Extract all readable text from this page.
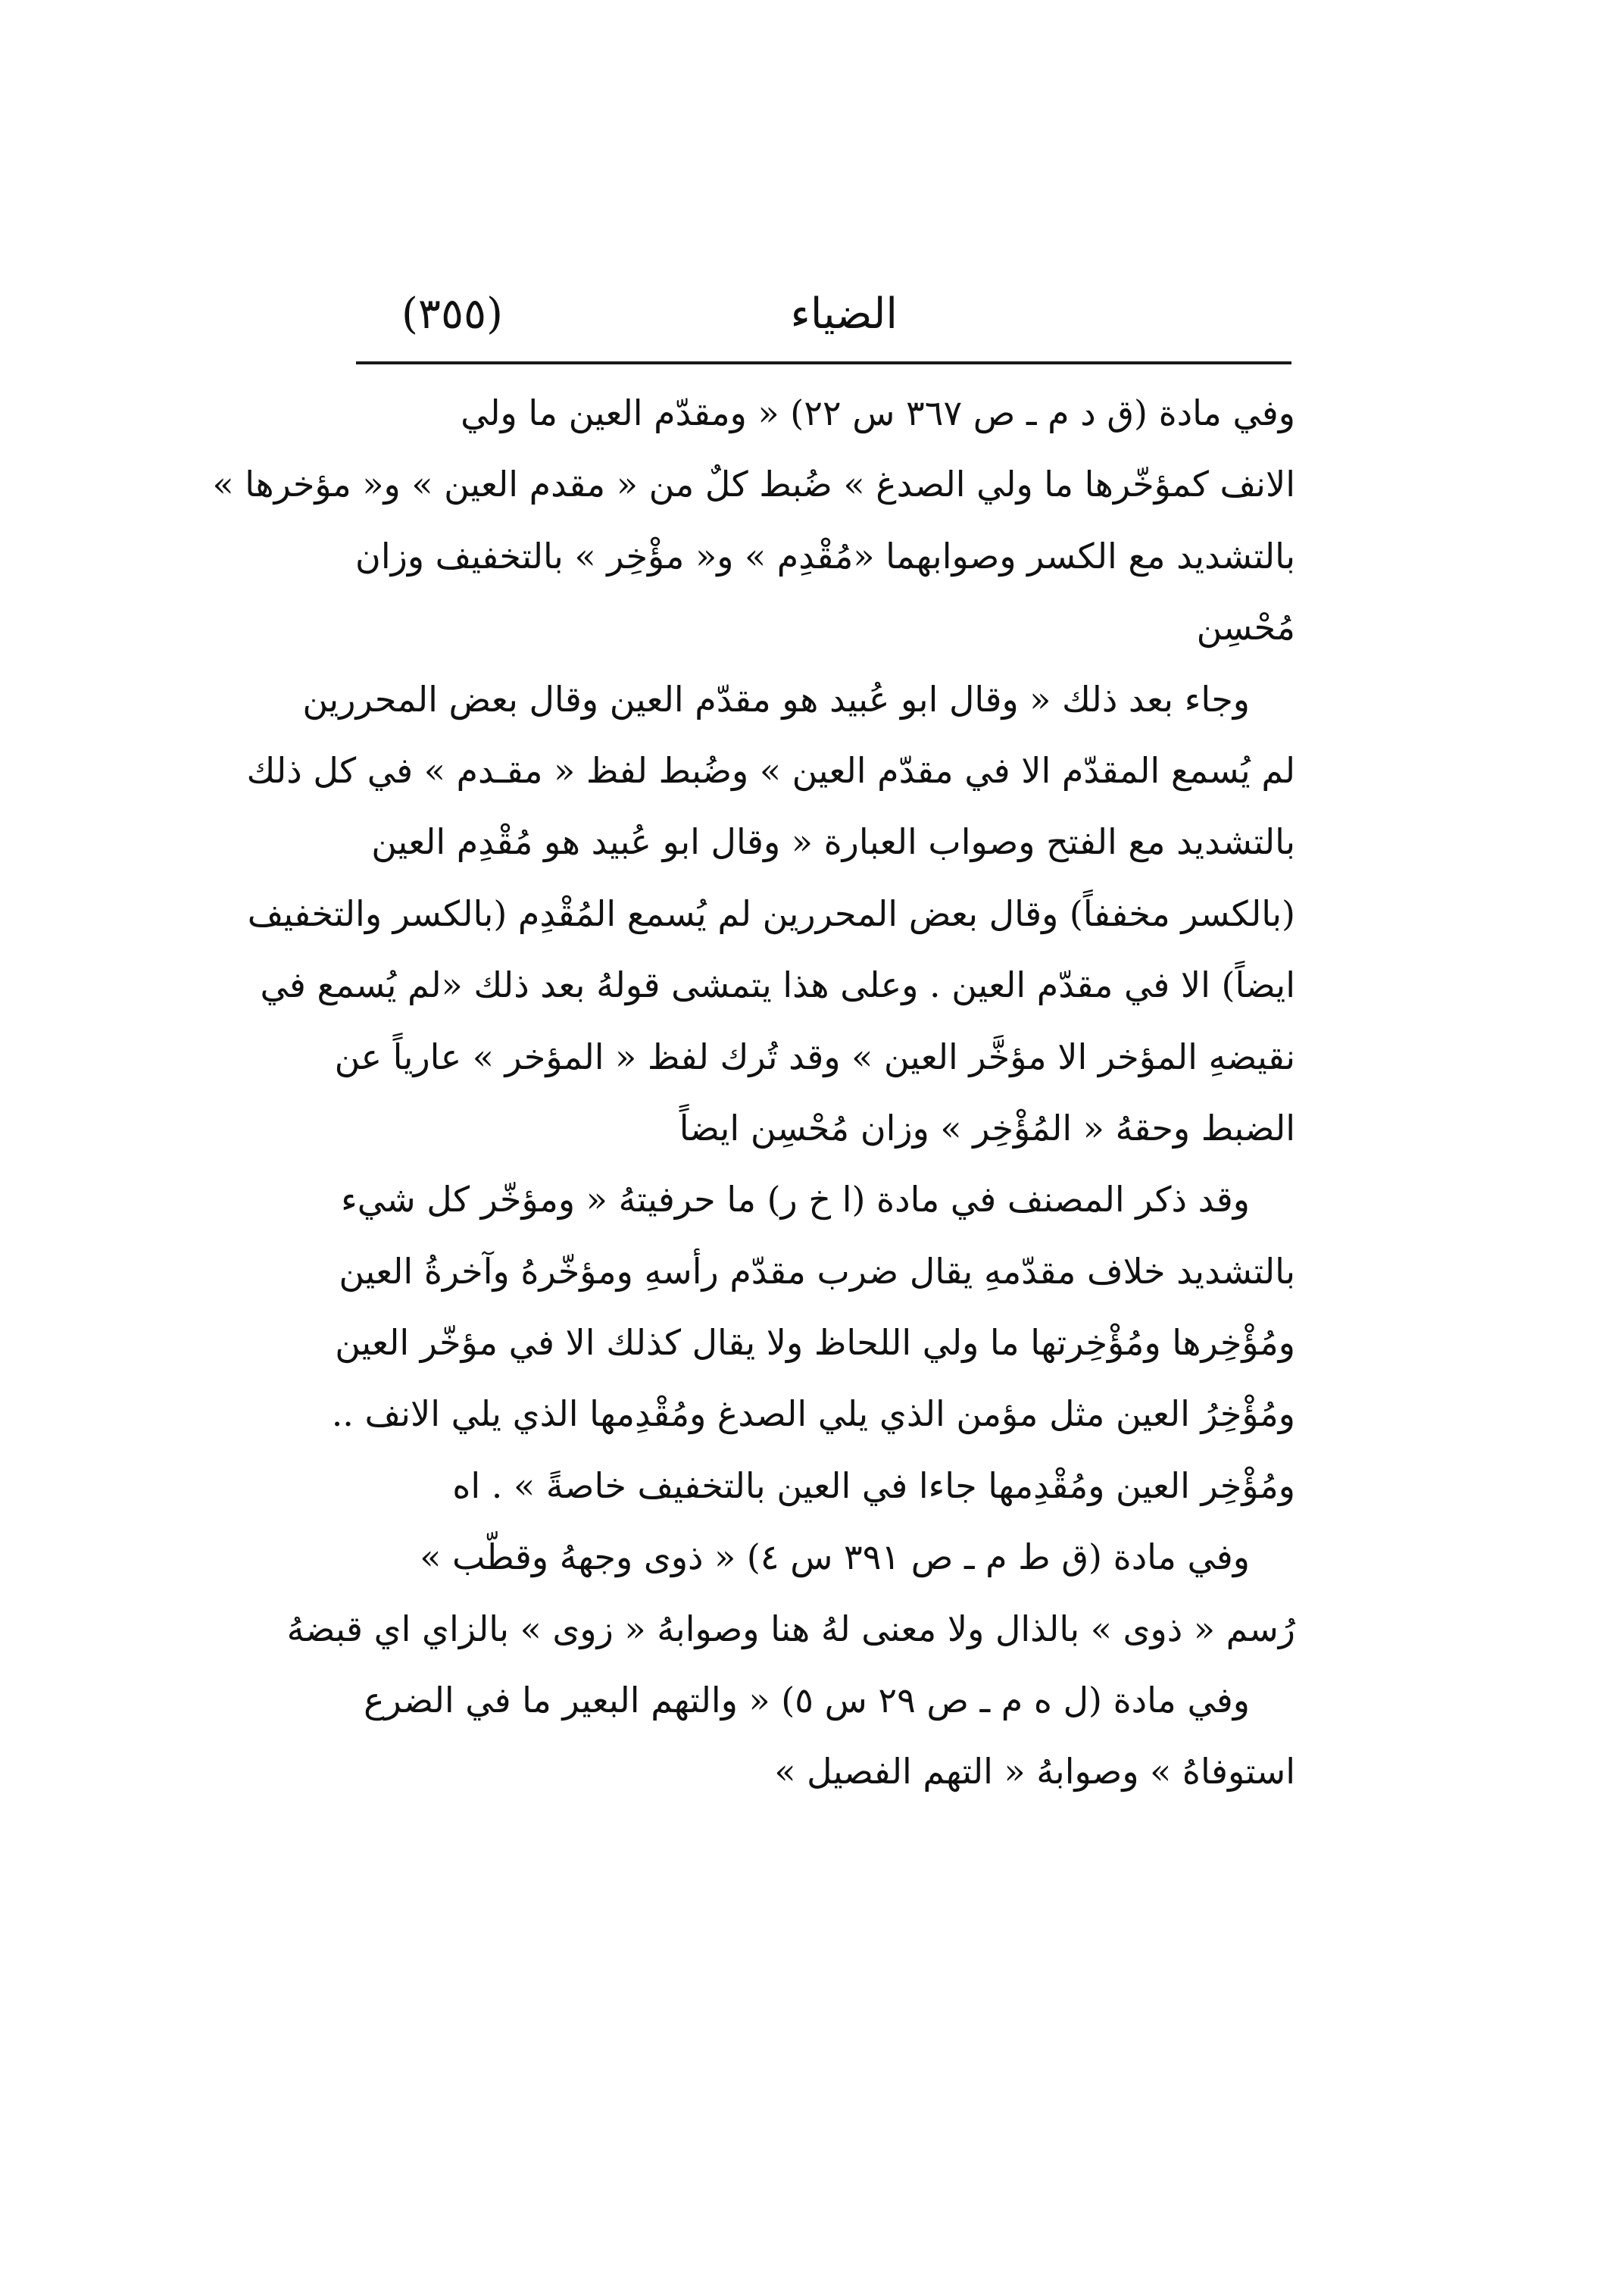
الضياء
(٣٥٥)
وفي مادة (ق د م ـ ص ٣٦٧ س ٢٢) « ومقدّم العين ما ولي
الانف كمؤخّرها ما ولي الصدغ » ضُبط كلٌ من « مقدم العين » و« مؤخرها »
بالتشديد مع الكسر وصوابهما «مُقْدِم » و« مؤْخِر » بالتخفيف وزان
مُحْسِن
وجاء بعد ذلك « وقال ابو عُبيد هو مقدّم العين وقال بعض المحررين
لم يُسمع المقدّم الا في مقدّم العين » وضُبط لفظ « مقـدم » في كل ذلك
بالتشديد مع الفتح وصواب العبارة « وقال ابو عُبيد هو مُقْدِم العين
(بالكسر مخففاً) وقال بعض المحررين لم يُسمع المُقْدِم (بالكسر والتخفيف
ايضاً) الا في مقدّم العين . وعلى هذا يتمشى قولهُ بعد ذلك «لم يُسمع في
نقيضهِ المؤخر الا مؤخَّر العين » وقد تُرك لفظ « المؤخر » عارياً عن
الضبط وحقهُ « المُؤْخِر » وزان مُحْسِن ايضاً
وقد ذكر المصنف في مادة (ا خ ر) ما حرفيتهُ « ومؤخّر كل شيء
بالتشديد خلاف مقدّمهِ يقال ضرب مقدّم رأسهِ ومؤخّرهُ وآخرةُ العين
ومُؤْخِرها ومُؤْخِرتها ما ولي اللحاظ ولا يقال كذلك الا في مؤخّر العين
ومُؤْخِرُ العين مثل مؤمن الذي يلي الصدغ ومُقْدِمها الذي يلي الانف ..
ومُؤْخِر العين ومُقْدِمها جاءا في العين بالتخفيف خاصةً » . اه
وفي مادة (ق ط م ـ ص ٣٩١ س ٤) « ذوى وجههُ وقطّب »
رُسم « ذوى » بالذال ولا معنى لهُ هنا وصوابهُ « زوى » بالزاي اي قبضهُ
وفي مادة (ل ه م ـ ص ٢٩ س ٥) « والتهم البعير ما في الضرع
استوفاهُ » وصوابهُ « التهم الفصيل »
